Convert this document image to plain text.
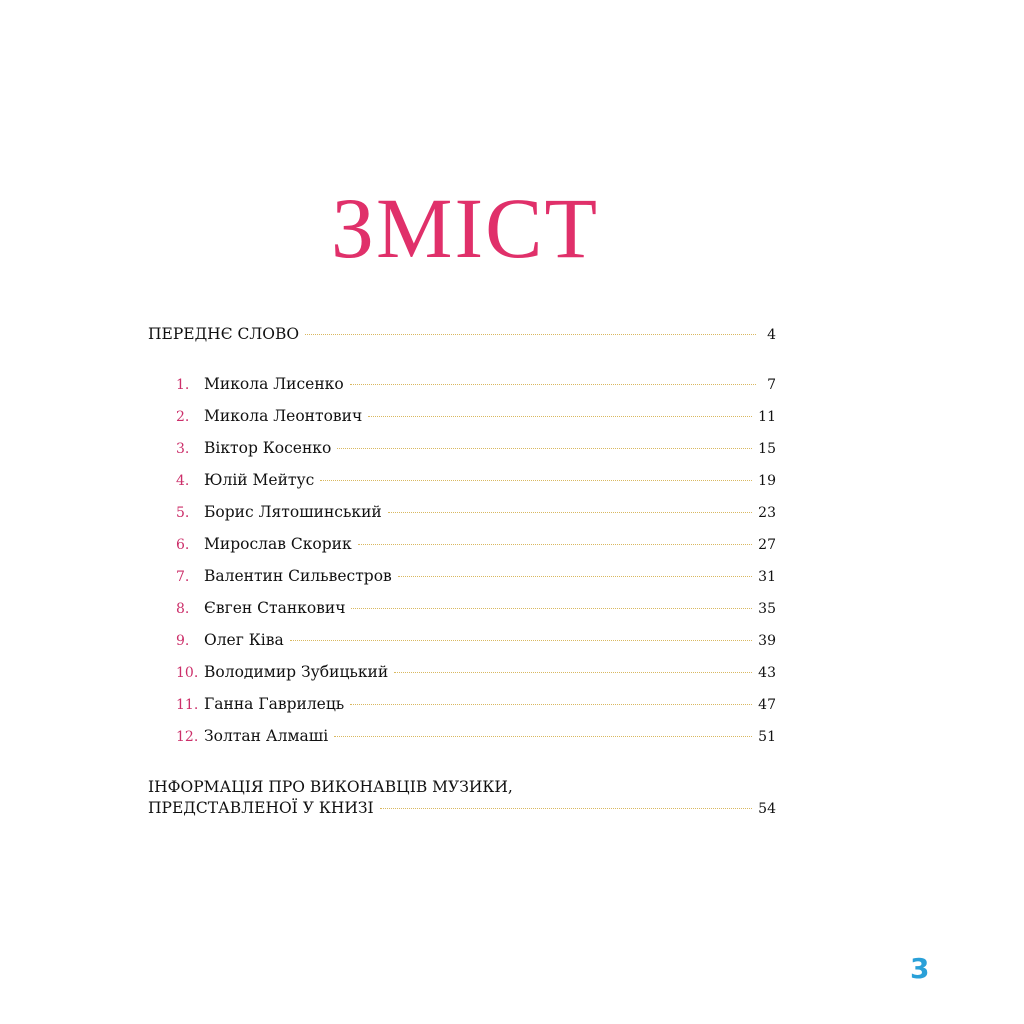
ЗМІСТ
ПЕРЕДНЄ СЛОВО	4
1. Микола Лисенко	7
2. Микола Леонтович	11
3. Віктор Косенко	15
4. Юлій Мейтус	19
5. Борис Лятошинський	23
6. Мирослав Скорик	27
7. Валентин Сильвестров	31
8. Євген Станкович	35
9. Олег Ківа	39
10. Володимир Зубицький	43
11. Ганна Гаврилець	47
12. Золтан Алмаші	51
ІНФОРМАЦІЯ ПРО ВИКОНАВЦІВ МУЗИКИ,
ПРЕДСТАВЛЕНОЇ У КНИЗІ	54
3
